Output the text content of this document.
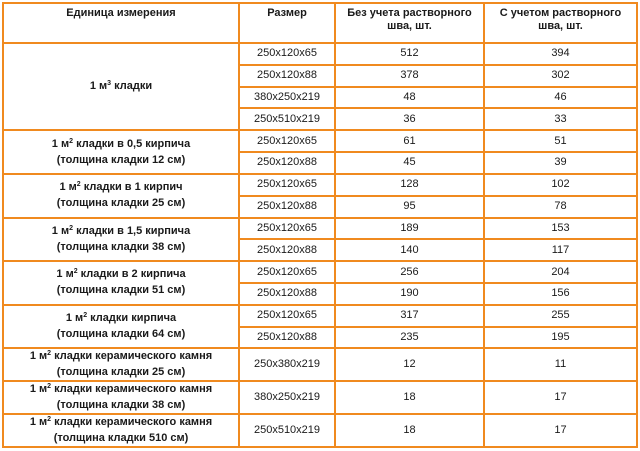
Единица измерения	Размер	Без учета растворного шва, шт.	С учетом растворного шва, шт.

1 $м^3$ кладки	250x120x65	512	394
	250x120x88	378	302
	380x250x219	48	46
	250x510x219	36	33

1 $м^2$ кладки в 0,5 кирпича
(толщина кладки 12 см)	250x120x65	61	51
	250x120x88	45	39

1 $м^2$ кладки в 1 кирпич
(толщина кладки 25 см)	250x120x65	128	102
	250x120x88	95	78

1 $м^2$ кладки в 1,5 кирпича
(толщина кладки 38 см)	250x120x65	189	153
	250x120x88	140	117

1 $м^2$ кладки в 2 кирпича
(толщина кладки 51 см)	250x120x65	256	204
	250x120x88	190	156

1 $м^2$ кладки кирпича
(толщина кладки 64 см)	250x120x65	317	255
	250x120x88	235	195

1 $м^2$ кладки керамического камня
(толщина кладки 25 см)	250x380x219	12	11

1 $м^2$ кладки керамического камня
(толщина кладки 38 см)	380x250x219	18	17

1 $м^2$ кладки керамического камня
(толщина кладки 510 см)	250x510x219	18	17
